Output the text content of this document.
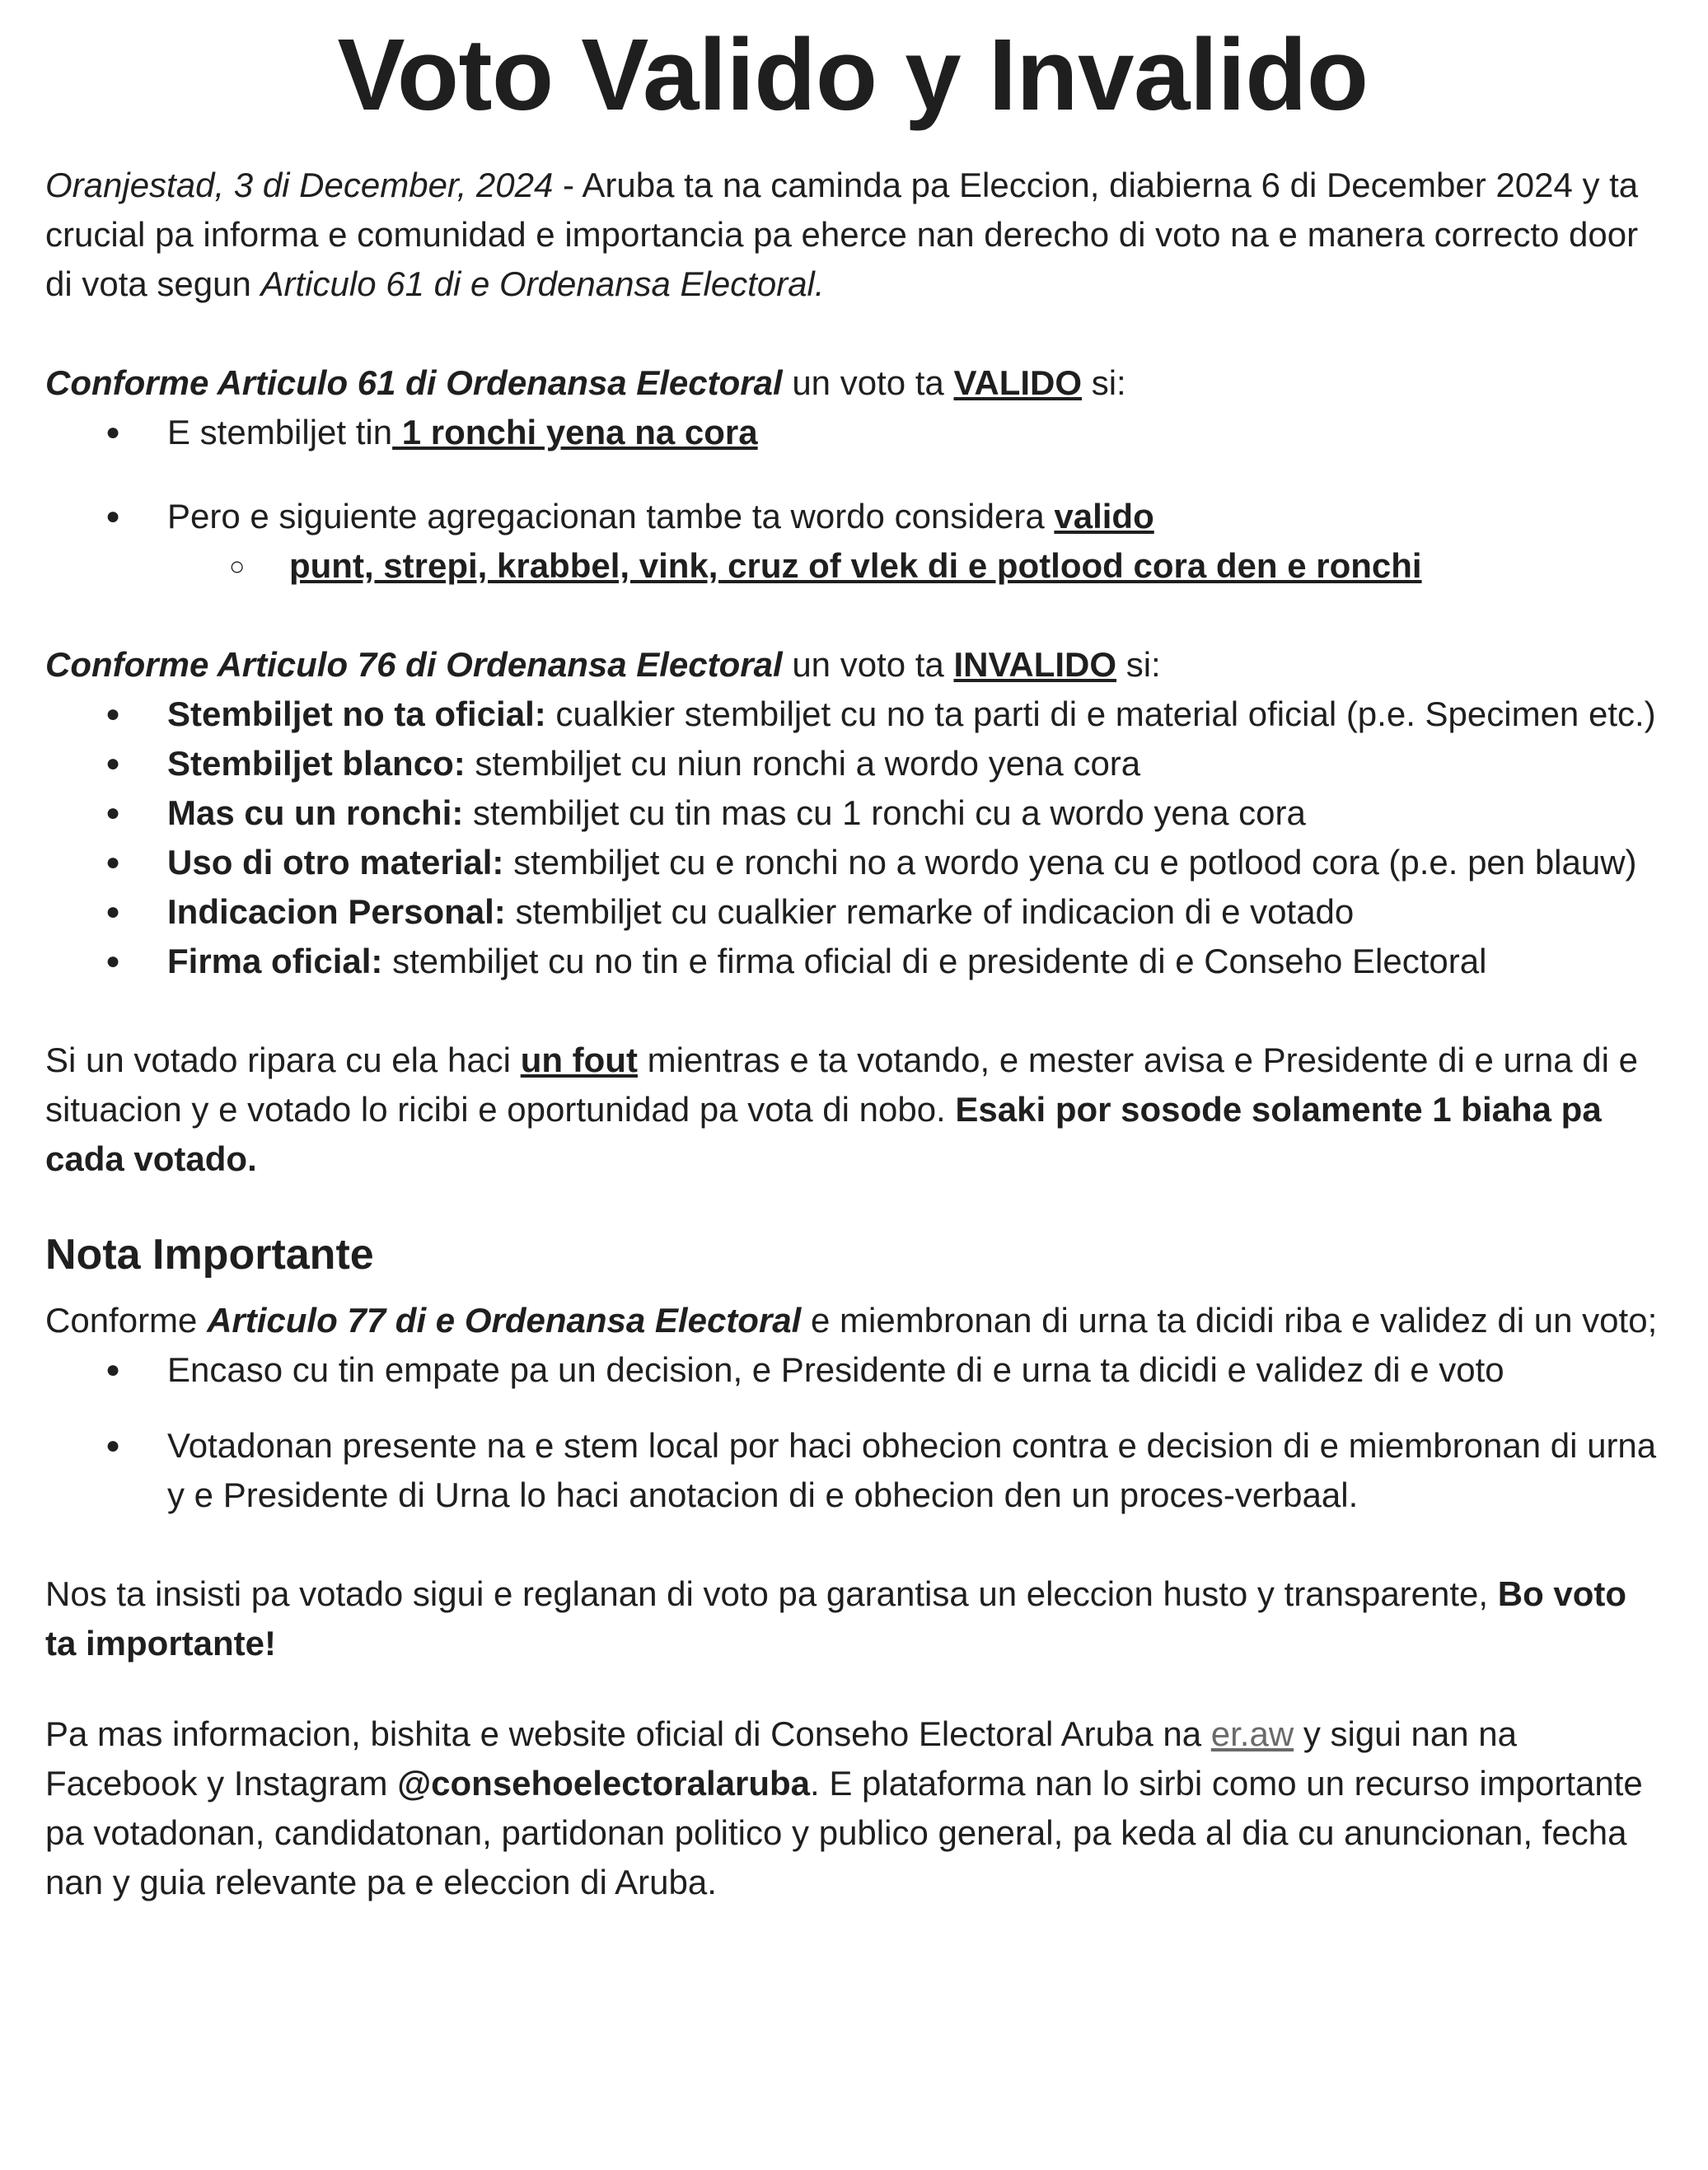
Voto Valido y Invalido

Oranjestad, 3 di December, 2024 - Aruba ta na caminda pa Eleccion, diabierna 6 di December 2024 y ta crucial pa informa e comunidad e importancia pa eherce nan derecho di voto na e manera correcto door di vota segun Articulo 61 di e Ordenansa Electoral.

Conforme Articulo 61 di Ordenansa Electoral un voto ta VALIDO si:

● E stembiljet tin 1 ronchi yena na cora
● Pero e siguiente agregacionan tambe ta wordo considera valido
○ punt, strepi, krabbel, vink, cruz of vlek di e potlood cora den e ronchi

Conforme Articulo 76 di Ordenansa Electoral un voto ta INVALIDO si:

● Stembiljet no ta oficial: cualkier stembiljet cu no ta parti di e material oficial (p.e. Specimen etc.)
● Stembiljet blanco: stembiljet cu niun ronchi a wordo yena cora
● Mas cu un ronchi: stembiljet cu tin mas cu 1 ronchi cu a wordo yena cora
● Uso di otro material: stembiljet cu e ronchi no a wordo yena cu e potlood cora (p.e. pen blauw)
● Indicacion Personal: stembiljet cu cualkier remarke of indicacion di e votado
● Firma oficial: stembiljet cu no tin e firma oficial di e presidente di e Conseho Electoral

Si un votado ripara cu ela haci un fout mientras e ta votando, e mester avisa e Presidente di e urna di e situacion y e votado lo ricibi e oportunidad pa vota di nobo. Esaki por sosode solamente 1 biaha pa cada votado.

Nota Importante

Conforme Articulo 77 di e Ordenansa Electoral e miembronan di urna ta dicidi riba e validez di un voto;

● Encaso cu tin empate pa un decision, e Presidente di e urna ta dicidi e validez di e voto
● Votadonan presente na e stem local por haci obhecion contra e decision di e miembronan di urna y e Presidente di Urna lo haci anotacion di e obhecion den un proces-verbaal.

Nos ta insisti pa votado sigui e reglanan di voto pa garantisa un eleccion husto y transparente, Bo voto ta importante!

Pa mas informacion, bishita e website oficial di Conseho Electoral Aruba na er.aw y sigui nan na Facebook y Instagram @consehoelectoralaruba. E plataforma nan lo sirbi como un recurso importante pa votadonan, candidatonan, partidonan politico y publico general, pa keda al dia cu anuncionan, fecha nan y guia relevante pa e eleccion di Aruba.
